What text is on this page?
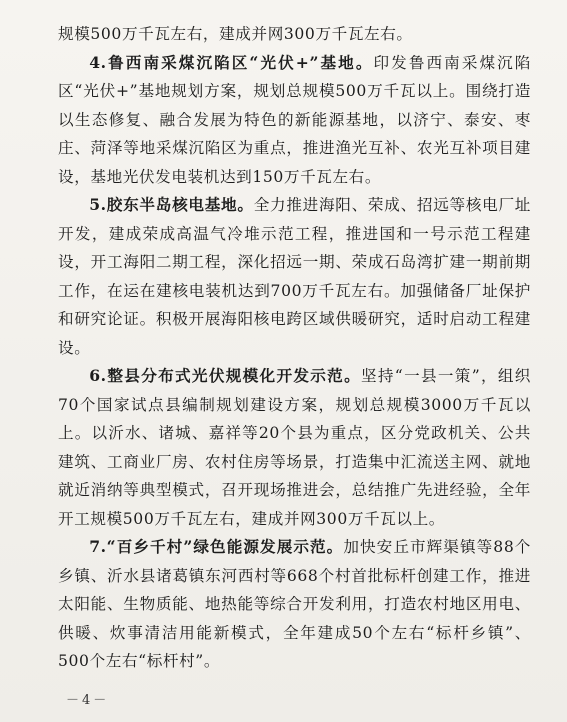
规模500万千瓦左右，建成并网300万千瓦左右。

4.鲁西南采煤沉陷区“光伏+”基地。印发鲁西南采煤沉陷区“光伏+”基地规划方案，规划总规模500万千瓦以上。围绕打造以生态修复、融合发展为特色的新能源基地，以济宁、泰安、枣庄、菏泽等地采煤沉陷区为重点，推进渔光互补、农光互补项目建设，基地光伏发电装机达到150万千瓦左右。

5.胶东半岛核电基地。全力推进海阳、荣成、招远等核电厂址开发，建成荣成高温气冷堆示范工程，推进国和一号示范工程建设，开工海阳二期工程，深化招远一期、荣成石岛湾扩建一期前期工作，在运在建核电装机达到700万千瓦左右。加强储备厂址保护和研究论证。积极开展海阳核电跨区域供暖研究，适时启动工程建设。

6.整县分布式光伏规模化开发示范。坚持“一县一策”，组织70个国家试点县编制规划建设方案，规划总规模3000万千瓦以上。以沂水、诸城、嘉祥等20个县为重点，区分党政机关、公共建筑、工商业厂房、农村住房等场景，打造集中汇流送主网、就地就近消纳等典型模式，召开现场推进会，总结推广先进经验，全年开工规模500万千瓦左右，建成并网300万千瓦以上。

7.“百乡千村”绿色能源发展示范。加快安丘市辉渠镇等88个乡镇、沂水县诸葛镇东河西村等668个村首批标杆创建工作，推进太阳能、生物质能、地热能等综合开发利用，打造农村地区用电、供暖、炊事清洁用能新模式，全年建成50个左右“标杆乡镇”、500个左右“标杆村”。

－4－
